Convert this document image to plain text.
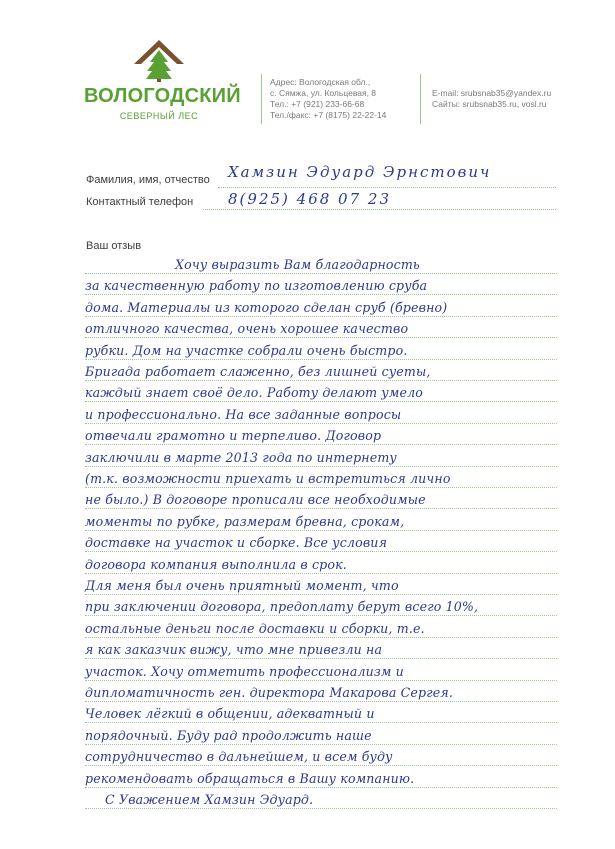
ВОЛОГОДСКИЙ
СЕВЕРНЫЙ ЛЕС
Адрес: Вологодская обл.,
с. Сямжа, ул. Кольцевая, 8
Тел.: +7 (921) 233-66-68
Тел./факс: +7 (8175) 22-22-14
E-mail: srubsnab35@yandex.ru
Сайты: srubsnab35.ru, vosl.ru
Фамилия, имя, отчество Хамзин Эдуард Эрнстович
Контактный телефон 8(925) 468 07 23
Ваш отзыв
Хочу выразить Вам благодарность
за качественную работу по изготовлению сруба
дома. Материалы из которого сделан сруб (бревно)
отличного качества, очень хорошее качество
рубки. Дом на участке собрали очень быстро.
Бригада работает слаженно, без лишней суеты,
каждый знает своё дело. Работу делают умело
и профессионально. На все заданные вопросы
отвечали грамотно и терпеливо. Договор
заключили в марте 2013 года по интернету
(т.к. возможности приехать и встретиться лично
не было.) В договоре прописали все необходимые
моменты по рубке, размерам бревна, срокам,
доставке на участок и сборке. Все условия
договора компания выполнила в срок.
Для меня был очень приятный момент, что
при заключении договора, предоплату берут всего 10%,
остальные деньги после доставки и сборки, т.е.
я как заказчик вижу, что мне привезли на
участок. Хочу отметить профессионализм и
дипломатичность ген. директора Макарова Сергея.
Человек лёгкий в общении, адекватный и
порядочный. Буду рад продолжить наше
сотрудничество в дальнейшем, и всем буду
рекомендовать обращаться в Вашу компанию.
С Уважением Хамзин Эдуард.
